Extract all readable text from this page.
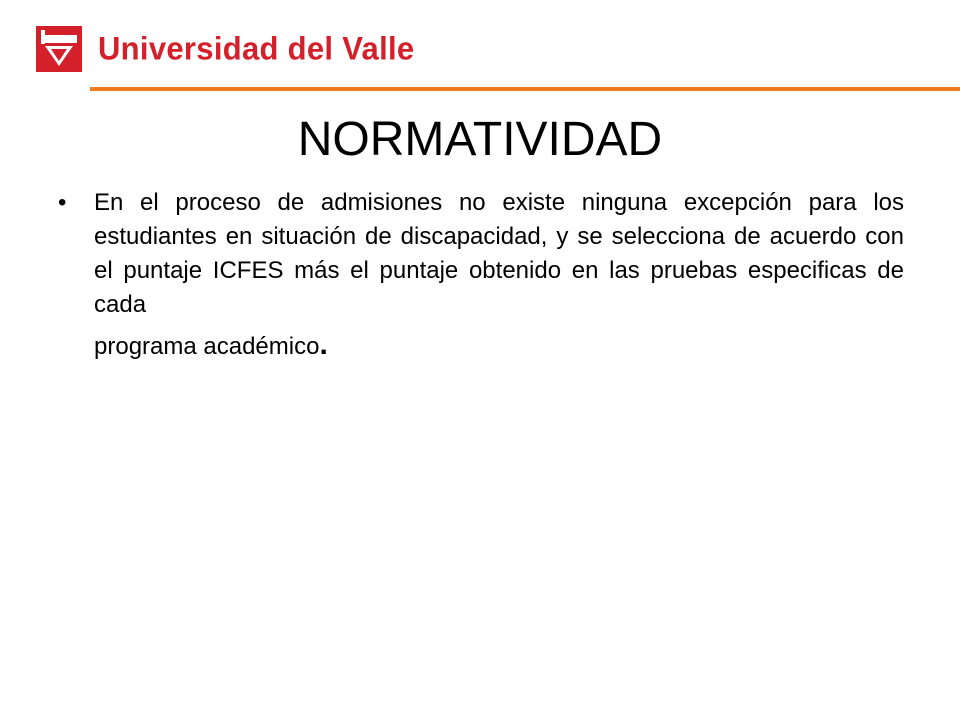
Universidad del Valle
NORMATIVIDAD
• En el proceso de admisiones no existe ninguna excepción para los estudiantes en situación de discapacidad, y se selecciona de acuerdo con el puntaje ICFES más el puntaje obtenido en las pruebas especificas de cada
programa académico.
